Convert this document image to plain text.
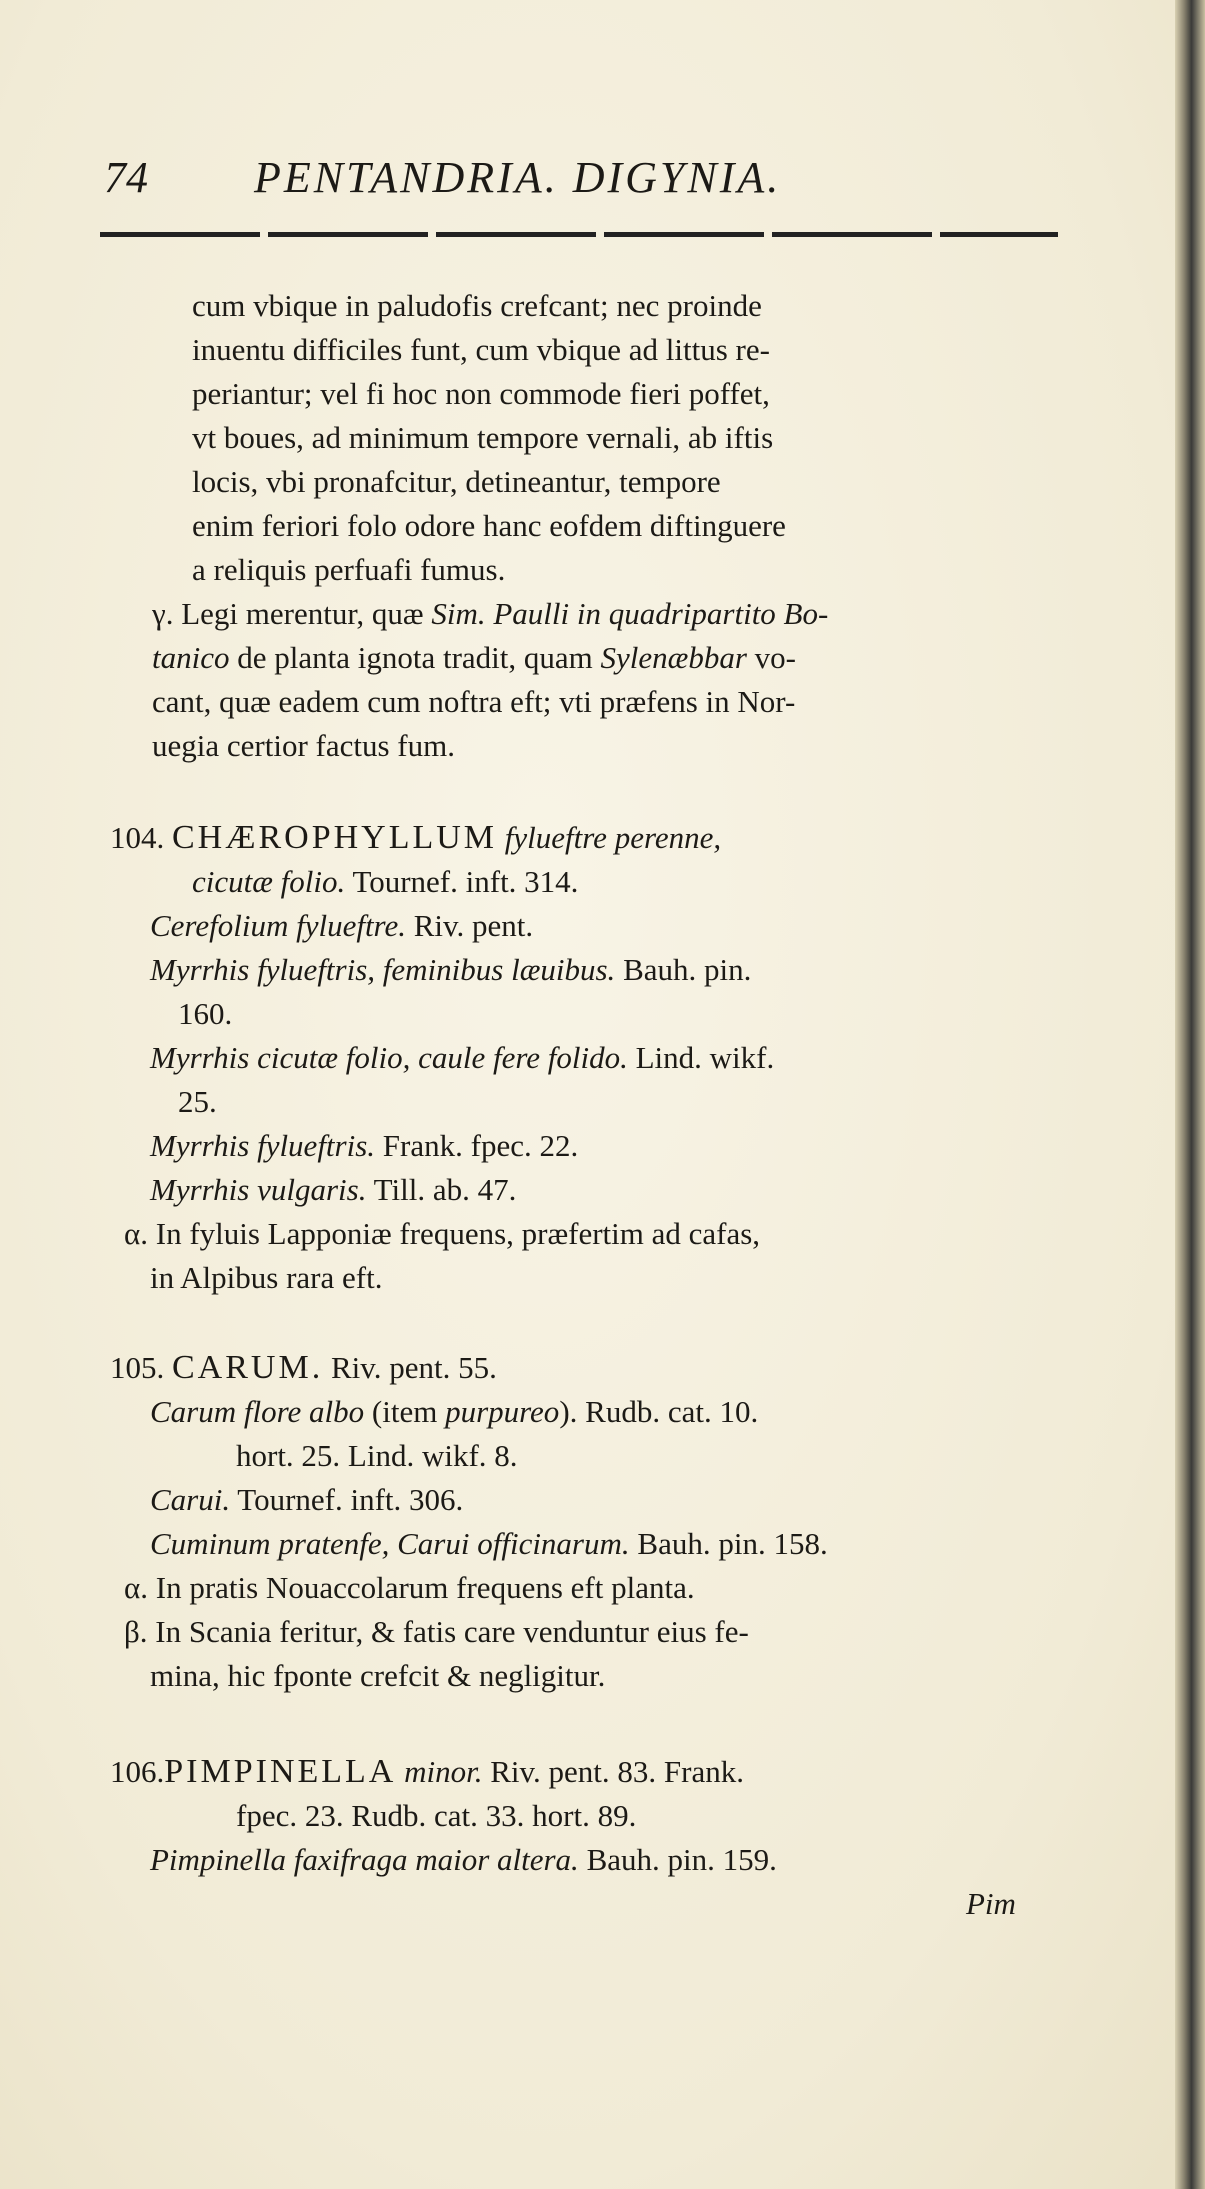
74 PENTANDRIA. DIGYNIA.
cum vbique in paludofis crefcant; nec proinde
inuentu difficiles funt, cum vbique ad littus re-
periantur; vel fi hoc non commode fieri poffet,
vt boues, ad minimum tempore vernali, ab iftis
locis, vbi pronafcitur, detineantur, tempore
enim feriori folo odore hanc eofdem diftinguere
a reliquis perfuafi fumus.
γ. Legi merentur, quæ Sim. Paulli in quadripartito Bo-
tanico de planta ignota tradit, quam Sylenæbbar vo-
cant, quæ eadem cum noftra eft; vti præfens in Nor-
uegia certior factus fum.
104. CHÆROPHYLLUM fylueftre perenne,
cicutæ folio. Tournef. inft. 314.
Cerefolium fylueftre. Riv. pent.
Myrrhis fylueftris, feminibus læuibus. Bauh. pin.
160.
Myrrhis cicutæ folio, caule fere folido. Lind. wikf.
25.
Myrrhis fylueftris. Frank. fpec. 22.
Myrrhis vulgaris. Till. ab. 47.
α. In fyluis Lapponiæ frequens, præfertim ad cafas,
in Alpibus rara eft.
105. CARUM. Riv. pent. 55.
Carum flore albo (item purpureo). Rudb. cat. 10.
hort. 25. Lind. wikf. 8.
Carui. Tournef. inft. 306.
Cuminum pratenfe, Carui officinarum. Bauh. pin. 158.
α. In pratis Nouaccolarum frequens eft planta.
β. In Scania feritur, & fatis care venduntur eius fe-
mina, hic fponte crefcit & negligitur.
106.PIMPINELLA minor. Riv. pent. 83. Frank.
fpec. 23. Rudb. cat. 33. hort. 89.
Pimpinella faxifraga maior altera. Bauh. pin. 159.
Pim
